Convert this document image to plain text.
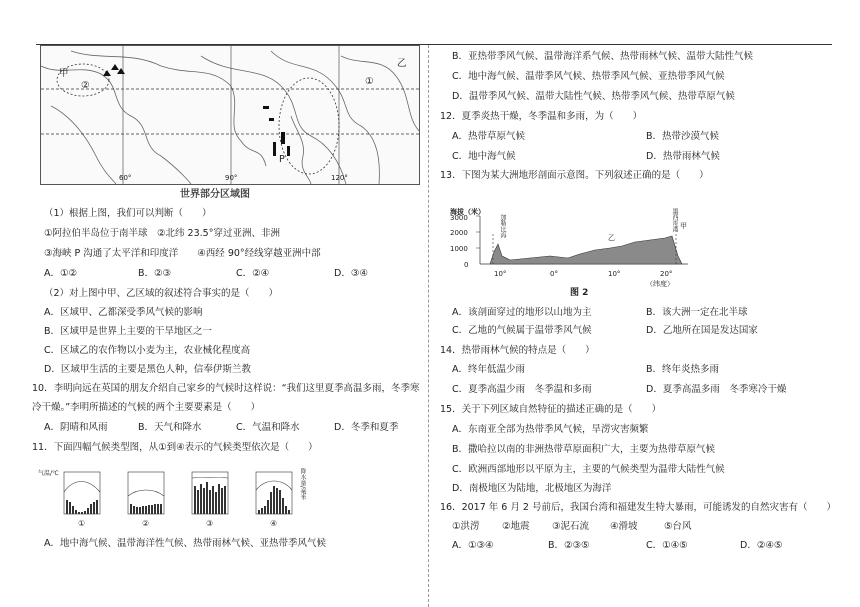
甲
②
乙
①
P
60°	90°	120°
世界部分区域图
（1）根据上图，我们可以判断（　　）
①阿拉伯半岛位于南半球　②北纬 23.5°穿过亚洲、非洲
③海峡 P 沟通了太平洋和印度洋　　④西经 90°经线穿越亚洲中部
A．①②	B．②③	C．②④	D．③④
（2）对上图中甲、乙区域的叙述符合事实的是（　　）
A．区域甲、乙都深受季风气候的影响
B．区域甲是世界上主要的干旱地区之一
C．区域乙的农作物以小麦为主，农业械化程度高
D．区域甲生活的主要是黑色人种，信奉伊斯兰教
10．李明向远在英国的朋友介绍自己家乡的气候时这样说：“我们这里夏季高温多雨，冬季寒
冷干燥。”李明所描述的气候的两个主要要素是（　　）
A．阴晴和风雨	B．天气和降水	C．气温和降水	D．冬季和夏季
11．下面四幅气候类型图，从①到④表示的气候类型依次是（　　）
气温/℃	降水量/毫米
①	②	③	④
A．地中海气候、温带海洋性气候、热带雨林气候、亚热带季风气候
B．亚热带季风气候、温带海洋系气候、热带雨林气候、温带大陆性气候
C．地中海气候、温带季风气候、热带季风气候、亚热带季风气候
D．温带季风气候、温带大陆性气候、热带季风气候、热带草原气候
12．夏季炎热干燥，冬季温和多雨，为（　　）
A．热带草原气候	B．热带沙漠气候
C．地中海气候	D．热带雨林气候
13．下图为某大洲地形剖面示意图。下列叙述正确的是（　　）
海拔（米）
3000
2000
1000
0
10°	0°	10°	20°
（纬度）
加勒比海	墨西哥湾
乙
甲
图 2
A．该剖面穿过的地形以山地为主	B．该大洲一定在北半球
C．乙地的气候属于温带季风气候	D．乙地所在国是发达国家
14．热带雨林气候的特点是（　　）
A．终年低温少雨	B．终年炎热多雨
C．夏季高温少雨　冬季温和多雨	D．夏季高温多雨　冬季寒冷干燥
15．关于下列区域自然特征的描述正确的是（　　）
A．东南亚全部为热带季风气候，旱涝灾害频繁
B．撒哈拉以南的非洲热带草原面积广大，主要为热带草原气候
C．欧洲西部地形以平原为主，主要的气候类型为温带大陆性气候
D．南极地区为陆地，北极地区为海洋
16．2017 年 6 月 2 号前后，我国台湾和福建发生特大暴雨，可能诱发的自然灾害有（　　）
①洪涝 ②地震 ③泥石流 ④滑坡	⑤台风
A．①③④	B．②③⑤	C．①④⑤	D．②④⑤
